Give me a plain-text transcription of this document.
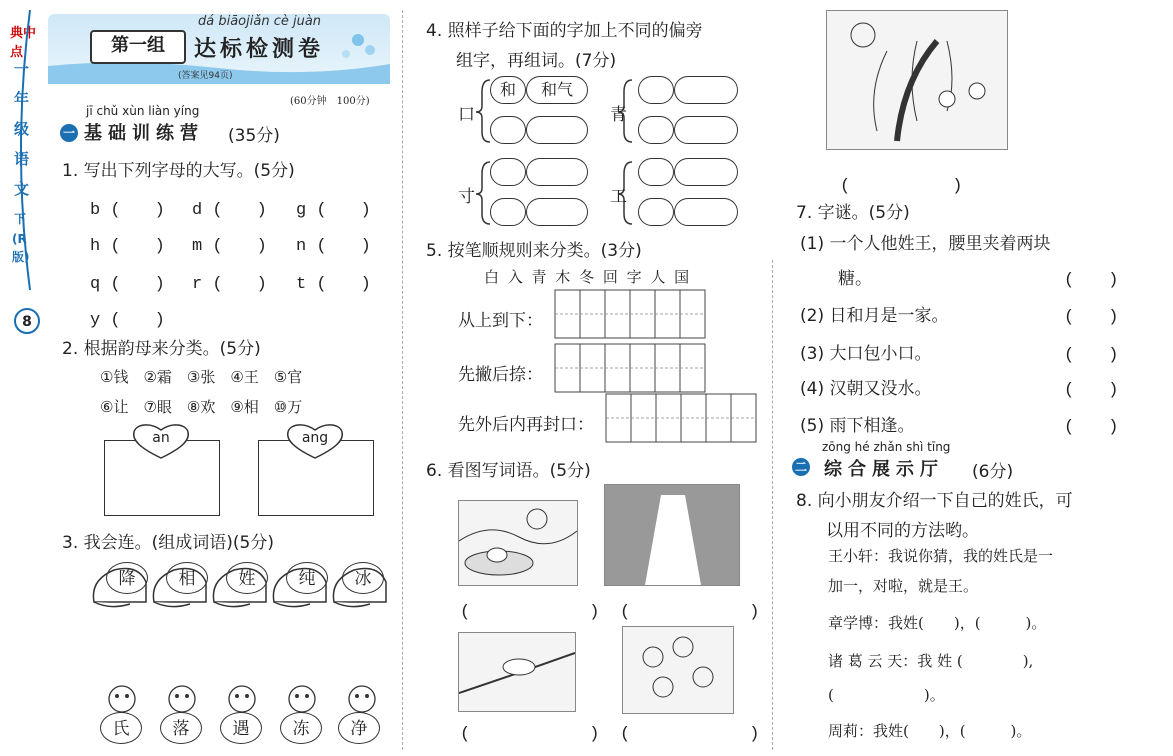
典中点
一
年
级
语
文
下
(R
版)
8
第一组
dá biāojiǎn cè juàn
达标检测卷
(答案见94页)
(60分钟　100分)
jī chǔ xùn liàn yíng
一 基础训练营 (35分)
1. 写出下列字母的大写。(5分)
b (　　) d (　　) g (　　)
h (　　) m (　　) n (　　)
q (　　) r (　　) t (　　)
y (　　)
2. 根据韵母来分类。(5分)
①钱　②霜　③张　④王　⑤官
⑥让　⑦眼　⑧欢　⑨相　⑩万
an	ang
3. 我会连。(组成词语)(5分)
降	相	姓	纯	冰
氏	落	遇	冻	净
4. 照样子给下面的字加上不同的偏旁
组字，再组词。(7分)
口	青
寸	工
和	和气
5. 按笔顺规则来分类。(3分)
白 入 青 木 冬 回 字 人 国
从上到下：
先撇后捺：
先外后内再封口：
6. 看图写词语。(5分)
(　　　　　　　) (　　　　　　　)
(　　　　　　　) (　　　　　　　)
(　　　　　　)
7. 字谜。(5分)
(1) 一个人他姓王，腰里夹着两块
糖。	(　　)
(2) 日和月是一家。	(　　)
(3) 大口包小口。	(　　)
(4) 汉朝又没水。	(　　)
(5) 雨下相逢。	(　　)
zōng hé zhǎn shì tīng
二 综合展示厅 (6分)
8. 向小朋友介绍一下自己的姓氏，可
以用不同的方法哟。
王小轩：我说你猜，我的姓氏是一
加一，对啦，就是王。
章学博：我姓(　　)，(　　　)。
诸 葛 云 天：我 姓 (　　　　),
(　　　　　　)。
周莉：我姓(　　)，(　　　)。
